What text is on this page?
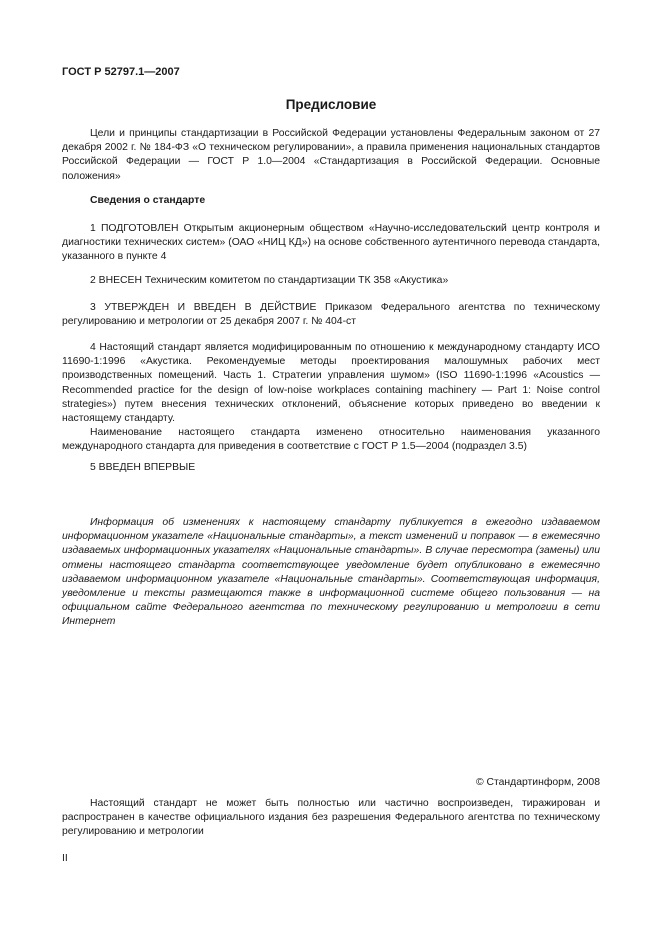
ГОСТ Р 52797.1—2007
Предисловие

Цели и принципы стандартизации в Российской Федерации установлены Федеральным законом от 27 декабря 2002 г. № 184-ФЗ «О техническом регулировании», а правила применения национальных стандартов Российской Федерации — ГОСТ Р 1.0—2004 «Стандартизация в Российской Федерации. Основные положения»

Сведения о стандарте

1 ПОДГОТОВЛЕН Открытым акционерным обществом «Научно-исследовательский центр контроля и диагностики технических систем» (ОАО «НИЦ КД») на основе собственного аутентичного перевода стандарта, указанного в пункте 4

2 ВНЕСЕН Техническим комитетом по стандартизации ТК 358 «Акустика»

3 УТВЕРЖДЕН И ВВЕДЕН В ДЕЙСТВИЕ Приказом Федерального агентства по техническому регулированию и метрологии от 25 декабря 2007 г. № 404-ст

4 Настоящий стандарт является модифицированным по отношению к международному стандарту ИСО 11690-1:1996 «Акустика. Рекомендуемые методы проектирования малошумных рабочих мест производственных помещений. Часть 1. Стратегии управления шумом» (ISO 11690-1:1996 «Acoustics — Recommended practice for the design of low-noise workplaces containing machinery — Part 1: Noise control strategies») путем внесения технических отклонений, объяснение которых приведено во введении к настоящему стандарту.

Наименование настоящего стандарта изменено относительно наименования указанного международного стандарта для приведения в соответствие с ГОСТ Р 1.5—2004 (подраздел 3.5)

5 ВВЕДЕН ВПЕРВЫЕ

Информация об изменениях к настоящему стандарту публикуется в ежегодно издаваемом информационном указателе «Национальные стандарты», а текст изменений и поправок — в ежемесячно издаваемых информационных указателях «Национальные стандарты». В случае пересмотра (замены) или отмены настоящего стандарта соответствующее уведомление будет опубликовано в ежемесячно издаваемом информационном указателе «Национальные стандарты». Соответствующая информация, уведомление и тексты размещаются также в информационной системе общего пользования — на официальном сайте Федерального агентства по техническому регулированию и метрологии в сети Интернет

© Стандартинформ, 2008

Настоящий стандарт не может быть полностью или частично воспроизведен, тиражирован и распространен в качестве официального издания без разрешения Федерального агентства по техническому регулированию и метрологии

II
